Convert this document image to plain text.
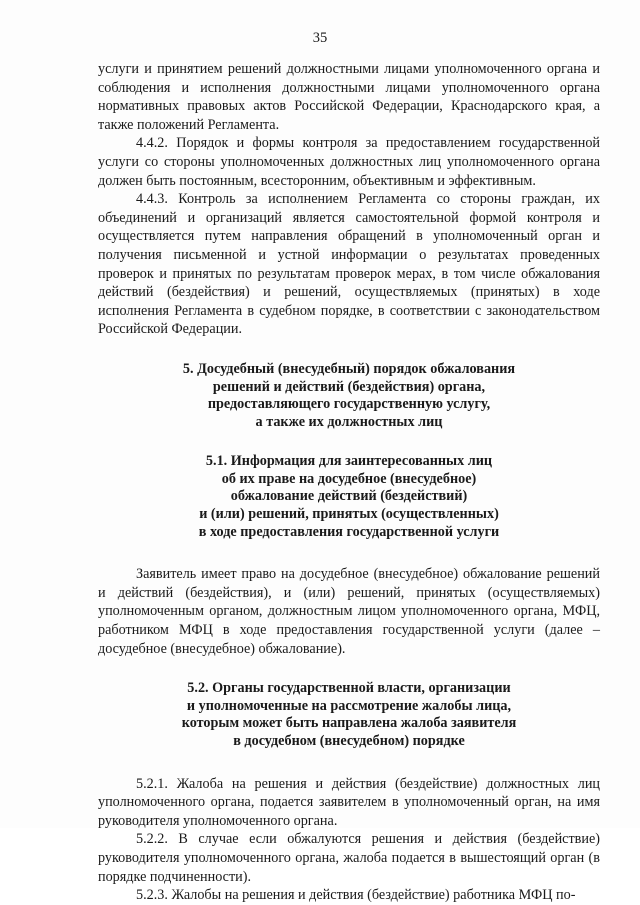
35

услуги и принятием решений должностными лицами уполномоченного органа и соблюдения и исполнения должностными лицами уполномоченного органа нормативных правовых актов Российской Федерации, Краснодарского края, а также положений Регламента.

4.4.2. Порядок и формы контроля за предоставлением государственной услуги со стороны уполномоченных должностных лиц уполномоченного органа должен быть постоянным, всесторонним, объективным и эффективным.

4.4.3. Контроль за исполнением Регламента со стороны граждан, их объединений и организаций является самостоятельной формой контроля и осуществляется путем направления обращений в уполномоченный орган и получения письменной и устной информации о результатах проведенных проверок и принятых по результатам проверок мерах, в том числе обжалования действий (бездействия) и решений, осуществляемых (принятых) в ходе исполнения Регламента в судебном порядке, в соответствии с законодательством Российской Федерации.

5. Досудебный (внесудебный) порядок обжалования

решений и действий (бездействия) органа,

предоставляющего государственную услугу,

а также их должностных лиц

5.1. Информация для заинтересованных лиц

об их праве на досудебное (внесудебное)

обжалование действий (бездействий)

и (или) решений, принятых (осуществленных)

в ходе предоставления государственной услуги

Заявитель имеет право на досудебное (внесудебное) обжалование решений и действий (бездействия), и (или) решений, принятых (осуществляемых) уполномоченным органом, должностным лицом уполномоченного органа, МФЦ, работником МФЦ в ходе предоставления государственной услуги (далее – досудебное (внесудебное) обжалование).

5.2. Органы государственной власти, организации

и уполномоченные на рассмотрение жалобы лица,

которым может быть направлена жалоба заявителя

в досудебном (внесудебном) порядке

5.2.1. Жалоба на решения и действия (бездействие) должностных лиц уполномоченного органа, подается заявителем в уполномоченный орган, на имя руководителя уполномоченного органа.

5.2.2. В случае если обжалуются решения и действия (бездействие) руководителя уполномоченного органа, жалоба подается в вышестоящий орган (в порядке подчиненности).

5.2.3. Жалобы на решения и действия (бездействие) работника МФЦ по-
